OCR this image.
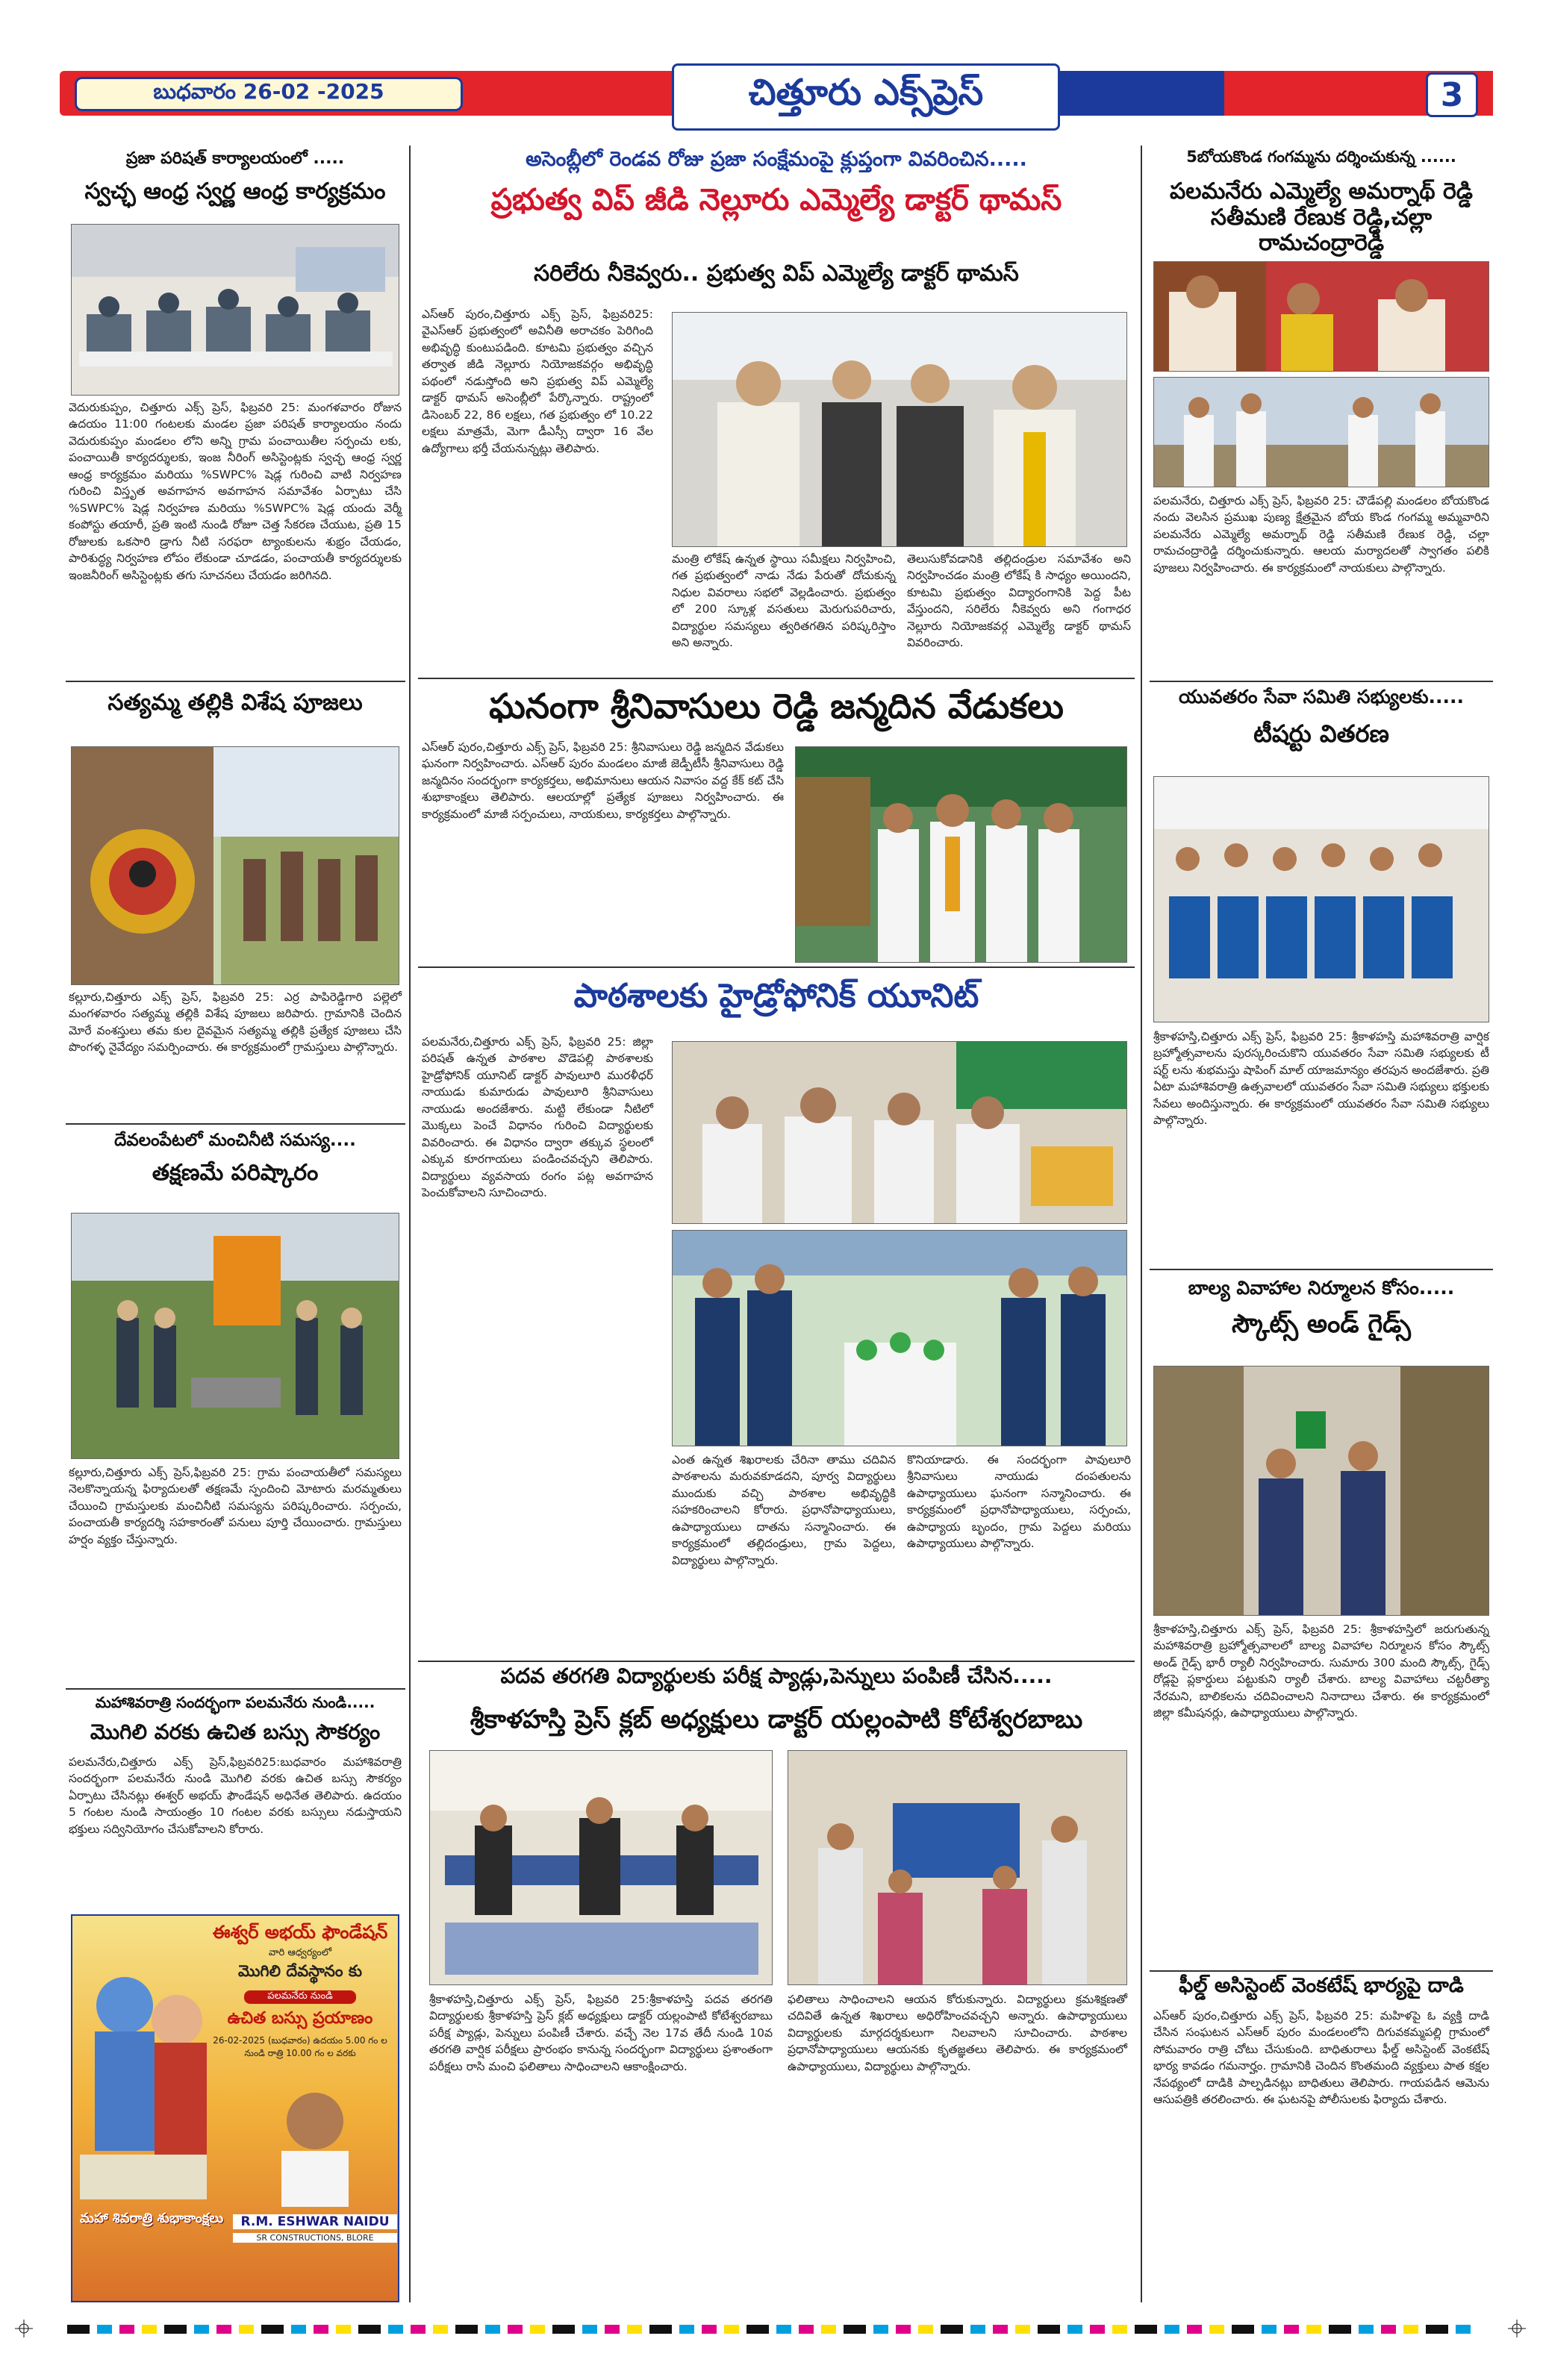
బుధవారం 26-02 -2025	చిత్తూరు ఎక్స్‌ప్రెస్	3
ప్రజా పరిషత్ కార్యాలయంలో .....
స్వచ్ఛ ఆంధ్ర స్వర్ణ ఆంధ్ర కార్యక్రమం
వెదురుకుప్పం, చిత్తూరు ఎక్స్ ప్రెస్, ఫిబ్రవరి 25: మంగళవారం రోజున ఉదయం 11:00 గంటలకు మండల ప్రజా పరిషత్ కార్యాలయం నందు వెదురుకుప్పం మండలం లోని అన్ని గ్రామ పంచాయితీల సర్పంచు లకు, పంచాయితీ కార్యదర్శులకు, ఇంజ నీరింగ్ అసిస్టెంట్లకు స్వచ్ఛ ఆంధ్ర స్వర్ణ ఆంధ్ర కార్యక్రమం మరియు %SWPC% షెడ్ల గురించి వాటి నిర్వహణ గురించి విస్తృత అవగాహన అవగాహన సమావేశం ఏర్పాటు చేసి %SWPC% షెడ్ల నిర్వహణ మరియు %SWPC% షెడ్ల యందు వెర్మీ కంపోస్టు తయారీ, ప్రతి ఇంటి నుండి రోజూ చెత్త సేకరణ చేయుట, ప్రతి 15 రోజులకు ఒకసారి డ్రాగు నీటి సరఫరా ట్యాంకులను శుభ్రం చేయడం, పారిశుద్ధ్య నిర్వహణ లోపం లేకుండా చూడడం, పంచాయతీ కార్యదర్శులకు ఇంజనీరింగ్ అసిస్టెంట్లకు తగు సూచనలు చేయడం జరిగినది.
సత్యమ్మ తల్లికి విశేష పూజలు
కల్లూరు,చిత్తూరు ఎక్స్ ప్రెస్, ఫిబ్రవరి 25: ఎర్ర పాపిరెడ్డిగారి పల్లెలో మంగళవారం సత్యమ్మ తల్లికి విశేష పూజలు జరిపారు. గ్రామానికి చెందిన మోరే వంశస్తులు తమ కుల దైవమైన సత్యమ్మ తల్లికి ప్రత్యేక పూజలు చేసి పొంగళ్ళ నైవేద్యం సమర్పించారు. ఈ కార్యక్రమంలో గ్రామస్తులు పాల్గొన్నారు.
దేవలంపేటలో మంచినీటి సమస్య....
తక్షణమే పరిష్కారం
కల్లూరు,చిత్తూరు ఎక్స్ ప్రెస్,ఫిబ్రవరి 25: గ్రామ పంచాయతీలో సమస్యలు నెలకొన్నాయన్న ఫిర్యాదులతో తక్షణమే స్పందించి మోటారు మరమ్మతులు చేయించి గ్రామస్తులకు మంచినీటి సమస్యను పరిష్కరించారు. సర్పంచు, పంచాయతీ కార్యదర్శి సహకారంతో పనులు పూర్తి చేయించారు. గ్రామస్తులు హర్షం వ్యక్తం చేస్తున్నారు.
మహాశివరాత్రి సందర్భంగా పలమనేరు నుండి.....
మొగిలి వరకు ఉచిత బస్సు సౌకర్యం
పలమనేరు,చిత్తూరు ఎక్స్ ప్రెస్,ఫిబ్రవరి25:బుధవారం మహాశివరాత్రి సందర్భంగా పలమనేరు నుండి మొగిలి వరకు ఉచిత బస్సు సౌకర్యం ఏర్పాటు చేసినట్లు ఈశ్వర్ అభయ్ ఫౌండేషన్ అధినేత తెలిపారు. ఉదయం 5 గంటల నుండి సాయంత్రం 10 గంటల వరకు బస్సులు నడుస్తాయని భక్తులు సద్వినియోగం చేసుకోవాలని కోరారు.
ఈశ్వర్ అభయ్ ఫౌండేషన్
వారి ఆధ్వర్యంలో
మొగిలి దేవస్థానం కు
పలమనేరు నుండి
ఉచిత బస్సు ప్రయాణం
26-02-2025 (బుధవారం) ఉదయం 5.00 గం ల నుండి రాత్రి 10.00 గం ల వరకు
మహా శివరాత్రి శుభాకాంక్షలు	R.M. ESHWAR NAIDU
SR CONSTRUCTIONS, BLORE
అసెంబ్లీలో రెండవ రోజు ప్రజా సంక్షేమంపై క్లుప్తంగా వివరించిన.....
ప్రభుత్వ విప్ జీడి నెల్లూరు ఎమ్మెల్యే డాక్టర్ థామస్
సరిలేరు నీకెవ్వరు.. ప్రభుత్వ విప్ ఎమ్మెల్యే డాక్టర్ థామస్
ఎస్ఆర్ పురం,చిత్తూరు ఎక్స్ ప్రెస్, ఫిబ్రవరి25: వైఎస్ఆర్ ప్రభుత్వంలో అవినీతి అరాచకం పెరిగింది అభివృద్ధి కుంటుపడింది. కూటమి ప్రభుత్వం వచ్చిన తర్వాత జీడి నెల్లూరు నియోజకవర్గం అభివృద్ధి పథంలో నడుస్తోంది అని ప్రభుత్వ విప్ ఎమ్మెల్యే డాక్టర్ థామస్ అసెంబ్లీలో పేర్కొన్నారు. రాష్ట్రంలో డిసెంబర్ 22, 86 లక్షలు, గత ప్రభుత్వం లో 10.22 లక్షలు మాత్రమే, మెగా డీఎస్సీ ద్వారా 16 వేల ఉద్యోగాలు భర్తీ చేయనున్నట్లు తెలిపారు.
మంత్రి లోకేష్ ఉన్నత స్థాయి సమీక్షలు నిర్వహించి, గత ప్రభుత్వంలో నాడు నేడు పేరుతో దోచుకున్న నిధుల వివరాలు సభలో వెల్లడించారు. ప్రభుత్వం లో 200 స్కూళ్ల వసతులు మెరుగుపరిచారు, విద్యార్థుల సమస్యలు త్వరితగతిన పరిష్కరిస్తాం అని అన్నారు.
తెలుసుకోవడానికి తల్లిదండ్రుల సమావేశం అని నిర్వహించడం మంత్రి లోకేష్ కి సాధ్యం అయిందని, కూటమి ప్రభుత్వం విద్యారంగానికి పెద్ద పీట వేస్తుందని, సరిలేరు నీకెవ్వరు అని గంగాధర నెల్లూరు నియోజకవర్గ ఎమ్మెల్యే డాక్టర్ థామస్ వివరించారు.
ఘనంగా శ్రీనివాసులు రెడ్డి జన్మదిన వేడుకలు
ఎస్ఆర్ పురం,చిత్తూరు ఎక్స్ ప్రెస్, ఫిబ్రవరి 25: శ్రీనివాసులు రెడ్డి జన్మదిన వేడుకలు ఘనంగా నిర్వహించారు. ఎస్ఆర్ పురం మండలం మాజీ జెడ్పీటీసీ శ్రీనివాసులు రెడ్డి జన్మదినం సందర్భంగా కార్యకర్తలు, అభిమానులు ఆయన నివాసం వద్ద కేక్ కట్ చేసి శుభాకాంక్షలు తెలిపారు. ఆలయాల్లో ప్రత్యేక పూజలు నిర్వహించారు. ఈ కార్యక్రమంలో మాజీ సర్పంచులు, నాయకులు, కార్యకర్తలు పాల్గొన్నారు.
పాఠశాలకు హైడ్రోఫోనిక్ యూనిట్
పలమనేరు,చిత్తూరు ఎక్స్ ప్రెస్, ఫిబ్రవరి 25: జిల్లా పరిషత్ ఉన్నత పాఠశాల వొడెపల్లి పాఠశాలకు హైడ్రోఫోనిక్ యూనిట్ డాక్టర్ పావులూరి మురళీధర్ నాయుడు కుమారుడు పావులూరి శ్రీనివాసులు నాయుడు అందజేశారు. మట్టి లేకుండా నీటిలో మొక్కలు పెంచే విధానం గురించి విద్యార్థులకు వివరించారు. ఈ విధానం ద్వారా తక్కువ స్థలంలో ఎక్కువ కూరగాయలు పండించవచ్చని తెలిపారు. విద్యార్థులు వ్యవసాయ రంగం పట్ల అవగాహన పెంచుకోవాలని సూచించారు.
ఎంత ఉన్నత శిఖరాలకు చేరినా తాము చదివిన పాఠశాలను మరువకూడదని, పూర్వ విద్యార్థులు ముందుకు వచ్చి పాఠశాల అభివృద్ధికి సహకరించాలని కోరారు. ప్రధానోపాధ్యాయులు, ఉపాధ్యాయులు దాతను సన్మానించారు. ఈ కార్యక్రమంలో తల్లిదండ్రులు, గ్రామ పెద్దలు, విద్యార్థులు పాల్గొన్నారు.
కొనియాడారు. ఈ సందర్భంగా పావులూరి శ్రీనివాసులు నాయుడు దంపతులను ఉపాధ్యాయులు ఘనంగా సన్మానించారు. ఈ కార్యక్రమంలో ప్రధానోపాధ్యాయులు, సర్పంచు, ఉపాధ్యాయ బృందం, గ్రామ పెద్దలు మరియు ఉపాధ్యాయులు పాల్గొన్నారు.
పదవ తరగతి విద్యార్థులకు పరీక్ష ప్యాడ్లు,పెన్నులు పంపిణీ చేసిన.....
శ్రీకాళహస్తి ప్రెస్ క్లబ్ అధ్యక్షులు డాక్టర్ యల్లంపాటి కోటేశ్వరబాబు
శ్రీకాళహస్తి,చిత్తూరు ఎక్స్ ప్రెస్, ఫిబ్రవరి 25:శ్రీకాళహస్తి పదవ తరగతి విద్యార్థులకు శ్రీకాళహస్తి ప్రెస్ క్లబ్ అధ్యక్షులు డాక్టర్ యల్లంపాటి కోటేశ్వరబాబు పరీక్ష ప్యాడ్లు, పెన్నులు పంపిణీ చేశారు. వచ్చే నెల 17వ తేదీ నుండి 10వ తరగతి వార్షిక పరీక్షలు ప్రారంభం కానున్న సందర్భంగా విద్యార్థులు ప్రశాంతంగా పరీక్షలు రాసి మంచి ఫలితాలు సాధించాలని ఆకాంక్షించారు.
ఫలితాలు సాధించాలని ఆయన కోరుకున్నారు. విద్యార్థులు క్రమశిక్షణతో చదివితే ఉన్నత శిఖరాలు అధిరోహించవచ్చని అన్నారు. ఉపాధ్యాయులు విద్యార్థులకు మార్గదర్శకులుగా నిలవాలని సూచించారు. పాఠశాల ప్రధానోపాధ్యాయులు ఆయనకు కృతజ్ఞతలు తెలిపారు. ఈ కార్యక్రమంలో ఉపాధ్యాయులు, విద్యార్థులు పాల్గొన్నారు.
5బోయకొండ గంగమ్మను దర్శించుకున్న ......
పలమనేరు ఎమ్మెల్యే అమర్నాథ్ రెడ్డి సతీమణి రేణుక రెడ్డి,చల్లా రామచంద్రారెడ్డి
పలమనేరు, చిత్తూరు ఎక్స్ ప్రెస్, ఫిబ్రవరి 25: చౌడేపల్లి మండలం బోయకొండ నందు వెలసిన ప్రముఖ పుణ్య క్షేత్రమైన బోయ కొండ గంగమ్మ అమ్మవారిని పలమనేరు ఎమ్మెల్యే అమర్నాథ్ రెడ్డి సతీమణి రేణుక రెడ్డి, చల్లా రామచంద్రారెడ్డి దర్శించుకున్నారు. ఆలయ మర్యాదలతో స్వాగతం పలికి పూజలు నిర్వహించారు. ఈ కార్యక్రమంలో నాయకులు పాల్గొన్నారు.
యువతరం సేవా సమితి సభ్యులకు.....
టీషర్టు వితరణ
శ్రీకాళహస్తి,చిత్తూరు ఎక్స్ ప్రెస్, ఫిబ్రవరి 25: శ్రీకాళహస్తి మహాశివరాత్రి వార్షిక బ్రహ్మోత్సవాలను పురస్కరించుకొని యువతరం సేవా సమితి సభ్యులకు టీ షర్ట్ లను శుభమస్తు షాపింగ్ మాల్ యాజమాన్యం తరపున అందజేశారు. ప్రతి ఏటా మహాశివరాత్రి ఉత్సవాలలో యువతరం సేవా సమితి సభ్యులు భక్తులకు సేవలు అందిస్తున్నారు. ఈ కార్యక్రమంలో యువతరం సేవా సమితి సభ్యులు పాల్గొన్నారు.
బాల్య వివాహాల నిర్మూలన కోసం.....
స్కౌట్స్ అండ్ గైడ్స్
శ్రీకాళహస్తి,చిత్తూరు ఎక్స్ ప్రెస్, ఫిబ్రవరి 25: శ్రీకాళహస్తిలో జరుగుతున్న మహాశివరాత్రి బ్రహ్మోత్సవాలలో బాల్య వివాహాల నిర్మూలన కోసం స్కౌట్స్ అండ్ గైడ్స్ భారీ ర్యాలీ నిర్వహించారు. సుమారు 300 మంది స్కౌట్స్, గైడ్స్ రోడ్లపై ప్లకార్డులు పట్టుకుని ర్యాలీ చేశారు. బాల్య వివాహాలు చట్టరీత్యా నేరమని, బాలికలను చదివించాలని నినాదాలు చేశారు. ఈ కార్యక్రమంలో జిల్లా కమీషనర్లు, ఉపాధ్యాయులు పాల్గొన్నారు.
ఫీల్డ్ అసిస్టెంట్ వెంకటేష్ భార్యపై దాడి
ఎస్ఆర్ పురం,చిత్తూరు ఎక్స్ ప్రెస్, ఫిబ్రవరి 25: మహిళపై ఓ వ్యక్తి దాడి చేసిన సంఘటన ఎస్ఆర్ పురం మండలంలోని దిగువకమ్మపల్లి గ్రామంలో సోమవారం రాత్రి చోటు చేసుకుంది. బాధితురాలు ఫీల్డ్ అసిస్టెంట్ వెంకటేష్ భార్య కావడం గమనార్హం. గ్రామానికి చెందిన కొంతమంది వ్యక్తులు పాత కక్షల నేపథ్యంలో దాడికి పాల్పడినట్లు బాధితులు తెలిపారు. గాయపడిన ఆమెను ఆసుపత్రికి తరలించారు. ఈ ఘటనపై పోలీసులకు ఫిర్యాదు చేశారు.
